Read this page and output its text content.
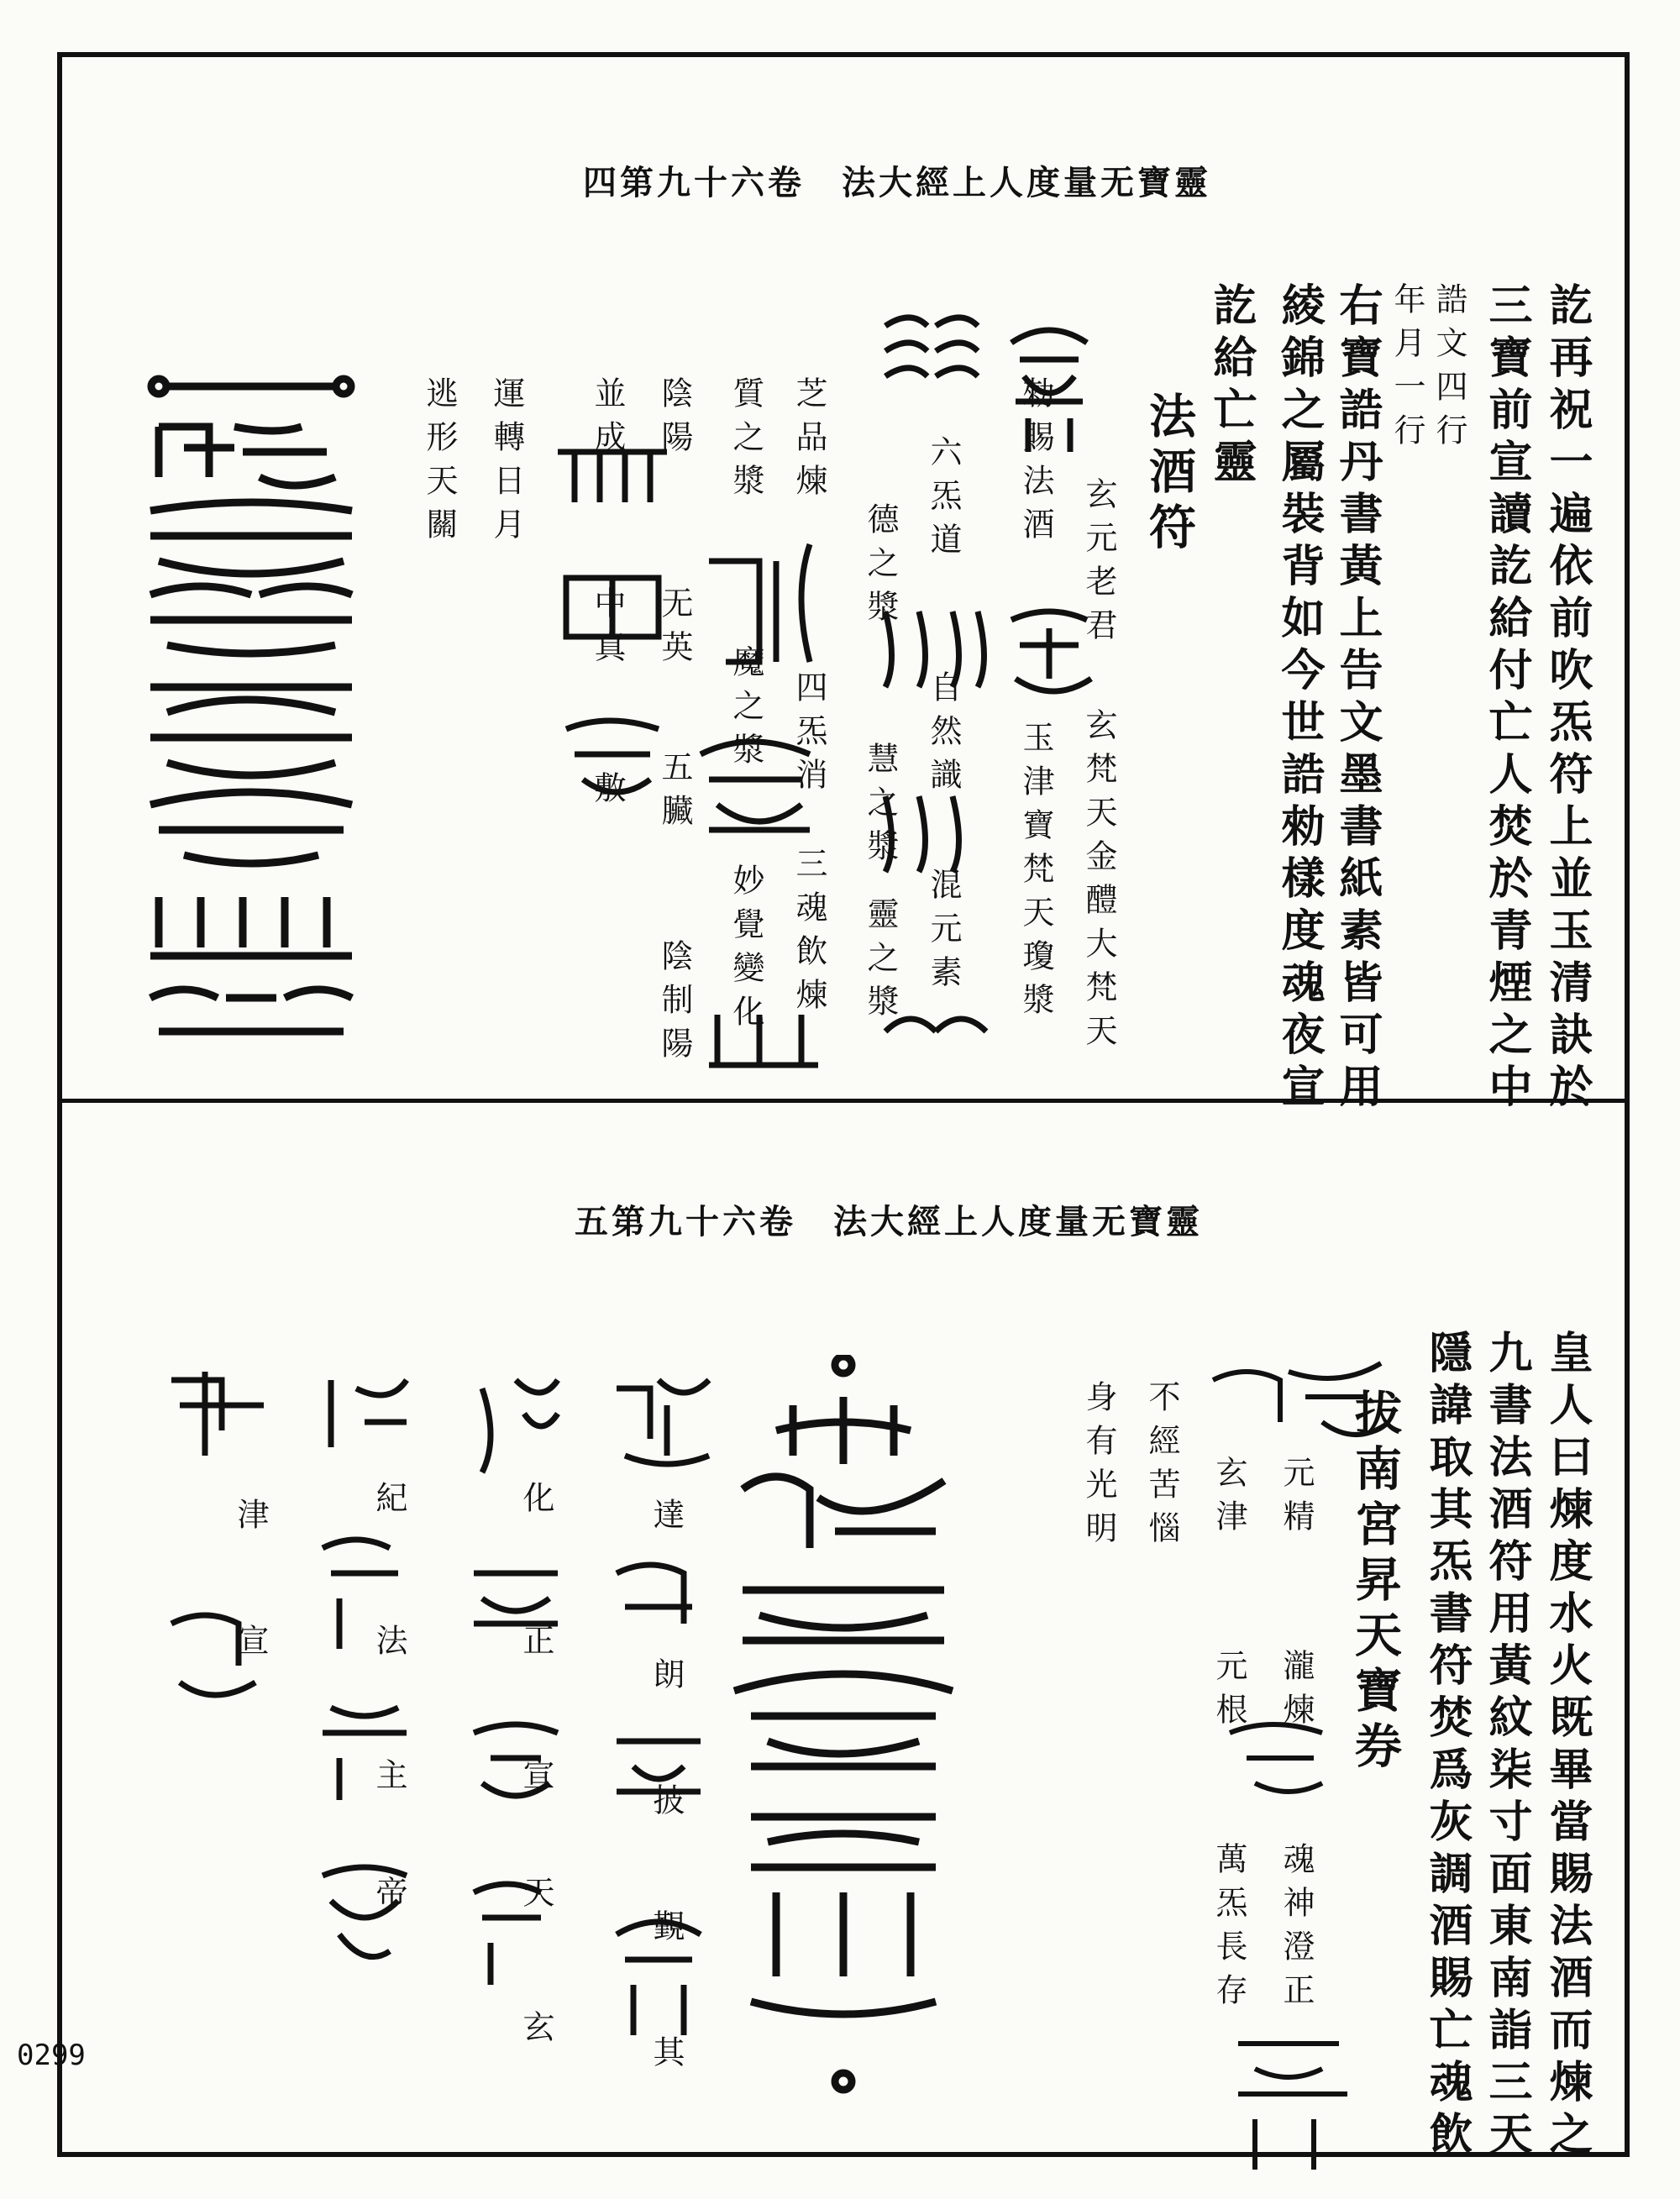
四第九十六卷　法大經上人度量无寶靈
訖再祝一遍依前吹炁符上並玉清訣於
三寶前宣讀訖給付亡人焚於青煙之中
誥文四行
年月一行
右寶誥丹書黃上告文墨書紙素皆可用
綾錦之屬裝背如今世誥勑樣度魂夜宣
訖給亡靈
法酒符
玄元老君
玄梵天金醴大梵天
勑賜法酒
玉津寶梵天瓊漿
六炁道
自然識
德之漿
慧之漿
混元素
靈之漿
芝品煉
四炁消
三魂飲煉
質之漿
魔之漿
妙覺變化
陰陽
无英
五臟
陰制陽
並成
中真
敷
運轉日月
逃形天關
五第九十六卷　法大經上人度量无寶靈
皇人曰煉度水火既畢當賜法酒而煉之
九書法酒符用黃紋柒寸面東南詣三天
隱諱取其炁書符焚爲灰調酒賜亡魂飲
拔南宮昇天寶券
元精
瀧煉
魂神澄正
玄津
元根
萬炁長存
不經苦惱
身有光明
達
朗
披
覲
其
化
正
宣
天
玄
紀
法
主
帝
津
宣
0299
